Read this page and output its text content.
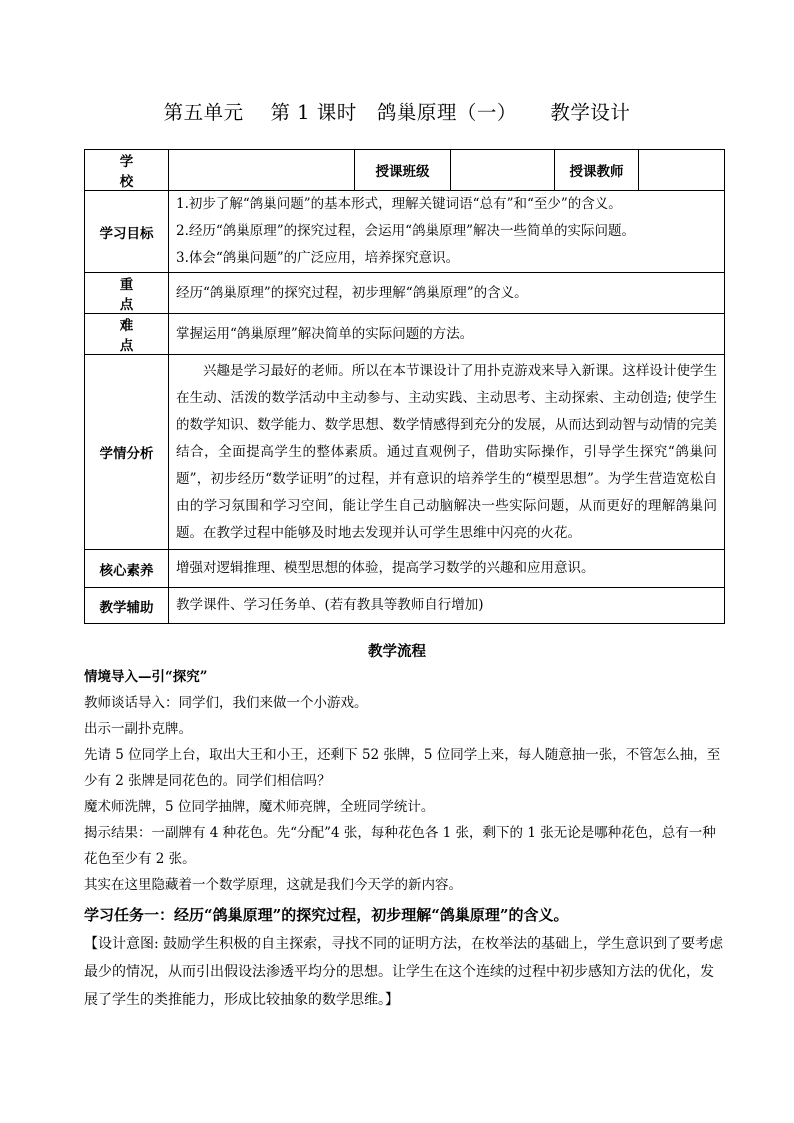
第五单元    第 1 课时   鸽巢原理（一）     教学设计
学 校		授课班级		授课教师	
学习目标	1.初步了解“鸽巢问题”的基本形式，理解关键词语“总有”和“至少”的含义。
2.经历“鸽巢原理”的探究过程，会运用“鸽巢原理”解决一些简单的实际问题。
3.体会“鸽巢问题”的广泛应用，培养探究意识。				

重 点	经历“鸽巢原理”的探究过程，初步理解“鸽巢原理”的含义。				
难 点	掌握运用“鸽巢原理”解决简单的实际问题的方法。				
学情分析	兴趣是学习最好的老师。所以在本节课设计了用扑克游戏来导入新课。这样设计使学生在生动、活泼的数学活动中主动参与、主动实践、主动思考、主动探索、主动创造; 使学生的数学知识、数学能力、数学思想、数学情感得到充分的发展，从而达到动智与动情的完美结合，全面提高学生的整体素质。通过直观例子，借助实际操作，引导学生探究“鸽巢问题”，初步经历“数学证明”的过程，并有意识的培养学生的“模型思想”。为学生营造宽松自由的学习氛围和学习空间，能让学生自己动脑解决一些实际问题，从而更好的理解鸽巢问题。在教学过程中能够及时地去发现并认可学生思维中闪亮的火花。				
核心素养	增强对逻辑推理、模型思想的体验，提高学习数学的兴趣和应用意识。				
教学辅助	教学课件、学习任务单、(若有教具等教师自行增加)				
教学流程
情境导入—引“探究”
教师谈话导入：同学们，我们来做一个小游戏。
出示一副扑克牌。
先请 5 位同学上台，取出大王和小王，还剩下 52 张牌，5 位同学上来，每人随意抽一张，不管怎么抽，至少有 2 张牌是同花色的。同学们相信吗？
魔术师洗牌，5 位同学抽牌，魔术师亮牌，全班同学统计。
揭示结果：一副牌有 4 种花色。先“分配”4 张，每种花色各 1 张，剩下的 1 张无论是哪种花色，总有一种花色至少有 2 张。
其实在这里隐藏着一个数学原理，这就是我们今天学的新内容。
学习任务一：经历“鸽巢原理”的探究过程，初步理解“鸽巢原理”的含义。
【设计意图: 鼓励学生积极的自主探索，寻找不同的证明方法，在枚举法的基础上，学生意识到了要考虑最少的情况，从而引出假设法渗透平均分的思想。让学生在这个连续的过程中初步感知方法的优化，发展了学生的类推能力，形成比较抽象的数学思维。】
